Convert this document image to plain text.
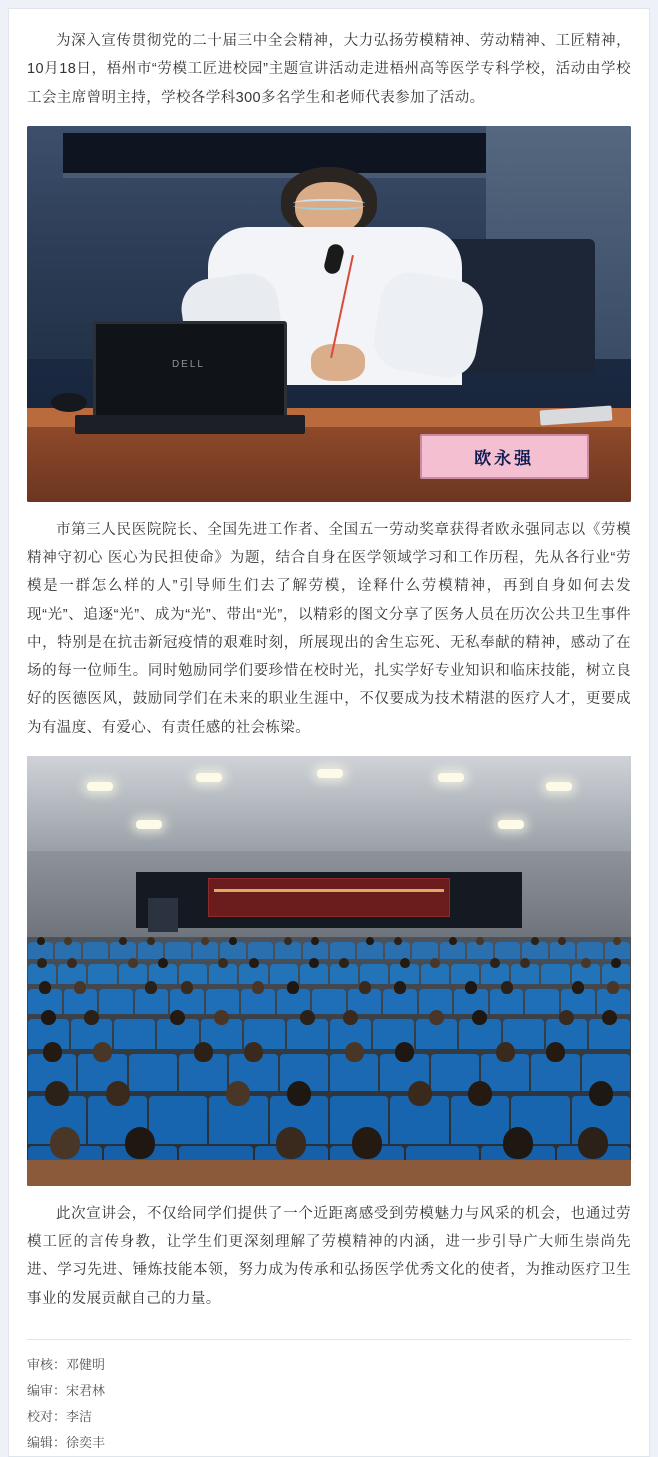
为深入宣传贯彻党的二十届三中全会精神，大力弘扬劳模精神、劳动精神、工匠精神，10月18日，梧州市“劳模工匠进校园”主题宣讲活动走进梧州高等医学专科学校，活动由学校工会主席曾明主持，学校各学科300多名学生和老师代表参加了活动。

DELL
欧永强

市第三人民医院院长、全国先进工作者、全国五一劳动奖章获得者欧永强同志以《劳模精神守初心 医心为民担使命》为题，结合自身在医学领域学习和工作历程，先从各行业“劳模是一群怎么样的人”引导师生们去了解劳模，诠释什么劳模精神，再到自身如何去发现“光”、追逐“光”、成为“光”、带出“光”，以精彩的图文分享了医务人员在历次公共卫生事件中，特别是在抗击新冠疫情的艰难时刻，所展现出的舍生忘死、无私奉献的精神，感动了在场的每一位师生。同时勉励同学们要珍惜在校时光，扎实学好专业知识和临床技能，树立良好的医德医风，鼓励同学们在未来的职业生涯中，不仅要成为技术精湛的医疗人才，更要成为有温度、有爱心、有责任感的社会栋梁。

此次宣讲会，不仅给同学们提供了一个近距离感受到劳模魅力与风采的机会，也通过劳模工匠的言传身教，让学生们更深刻理解了劳模精神的内涵，进一步引导广大师生崇尚先进、学习先进、锤炼技能本领，努力成为传承和弘扬医学优秀文化的使者，为推动医疗卫生事业的发展贡献自己的力量。

审核：邓健明
编审：宋君林
校对：李洁
编辑：徐奕丰
